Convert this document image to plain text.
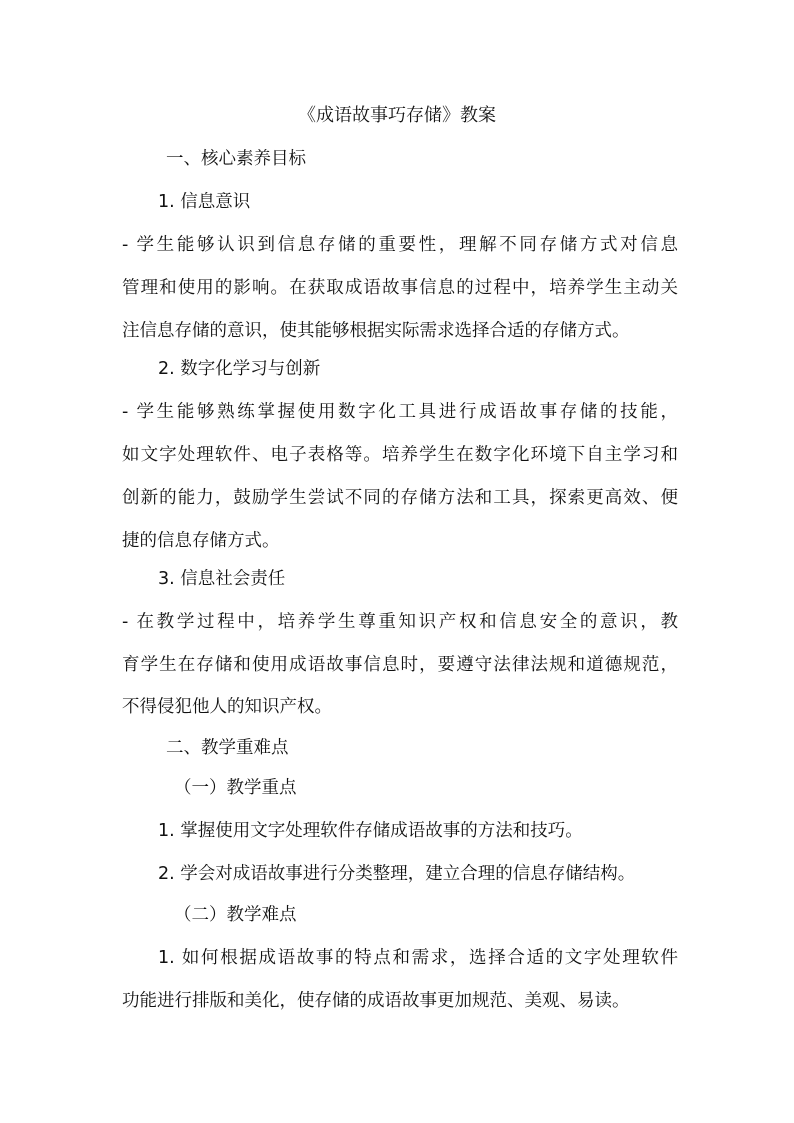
《成语故事巧存储》教案
一、核心素养目标
1. 信息意识
- 学生能够认识到信息存储的重要性，理解不同存储方式对信息
管理和使用的影响。在获取成语故事信息的过程中，培养学生主动关
注信息存储的意识，使其能够根据实际需求选择合适的存储方式。
2. 数字化学习与创新
- 学生能够熟练掌握使用数字化工具进行成语故事存储的技能，
如文字处理软件、电子表格等。培养学生在数字化环境下自主学习和
创新的能力，鼓励学生尝试不同的存储方法和工具，探索更高效、便
捷的信息存储方式。
3. 信息社会责任
- 在教学过程中，培养学生尊重知识产权和信息安全的意识，教
育学生在存储和使用成语故事信息时，要遵守法律法规和道德规范，
不得侵犯他人的知识产权。
二、教学重难点
（一）教学重点
1. 掌握使用文字处理软件存储成语故事的方法和技巧。
2. 学会对成语故事进行分类整理，建立合理的信息存储结构。
（二）教学难点
1. 如何根据成语故事的特点和需求，选择合适的文字处理软件
功能进行排版和美化，使存储的成语故事更加规范、美观、易读。
